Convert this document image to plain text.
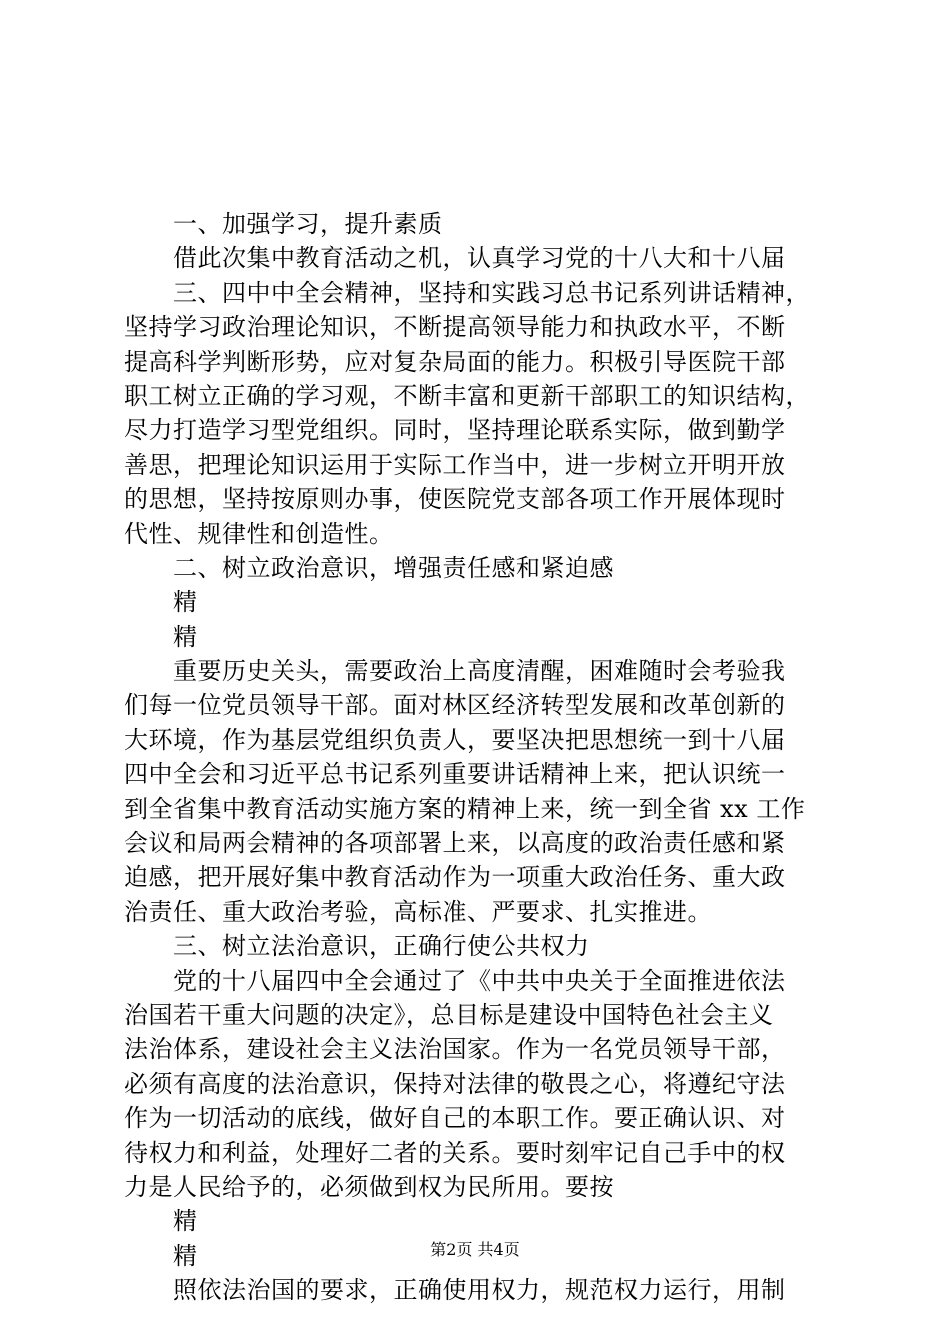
一、加强学习，提升素质
借此次集中教育活动之机，认真学习党的十八大和十八届
三、四中中全会精神，坚持和实践习总书记系列讲话精神，
坚持学习政治理论知识，不断提高领导能力和执政水平，不断
提高科学判断形势，应对复杂局面的能力。积极引导医院干部
职工树立正确的学习观，不断丰富和更新干部职工的知识结构，
尽力打造学习型党组织。同时，坚持理论联系实际，做到勤学
善思，把理论知识运用于实际工作当中，进一步树立开明开放
的思想，坚持按原则办事，使医院党支部各项工作开展体现时
代性、规律性和创造性。
二、树立政治意识，增强责任感和紧迫感
精
精
重要历史关头，需要政治上高度清醒，困难随时会考验我
们每一位党员领导干部。面对林区经济转型发展和改革创新的
大环境，作为基层党组织负责人，要坚决把思想统一到十八届
四中全会和习近平总书记系列重要讲话精神上来，把认识统一
到全省集中教育活动实施方案的精神上来，统一到全省 xx 工作
会议和局两会精神的各项部署上来，以高度的政治责任感和紧
迫感，把开展好集中教育活动作为一项重大政治任务、重大政
治责任、重大政治考验，高标准、严要求、扎实推进。
三、树立法治意识，正确行使公共权力
党的十八届四中全会通过了《中共中央关于全面推进依法
治国若干重大问题的决定》，总目标是建设中国特色社会主义
法治体系，建设社会主义法治国家。作为一名党员领导干部，
必须有高度的法治意识，保持对法律的敬畏之心，将遵纪守法
作为一切活动的底线，做好自己的本职工作。要正确认识、对
待权力和利益，处理好二者的关系。要时刻牢记自己手中的权
力是人民给予的，必须做到权为民所用。要按
精
精
照依法治国的要求，正确使用权力，规范权力运行，用制
第2页 共4页
